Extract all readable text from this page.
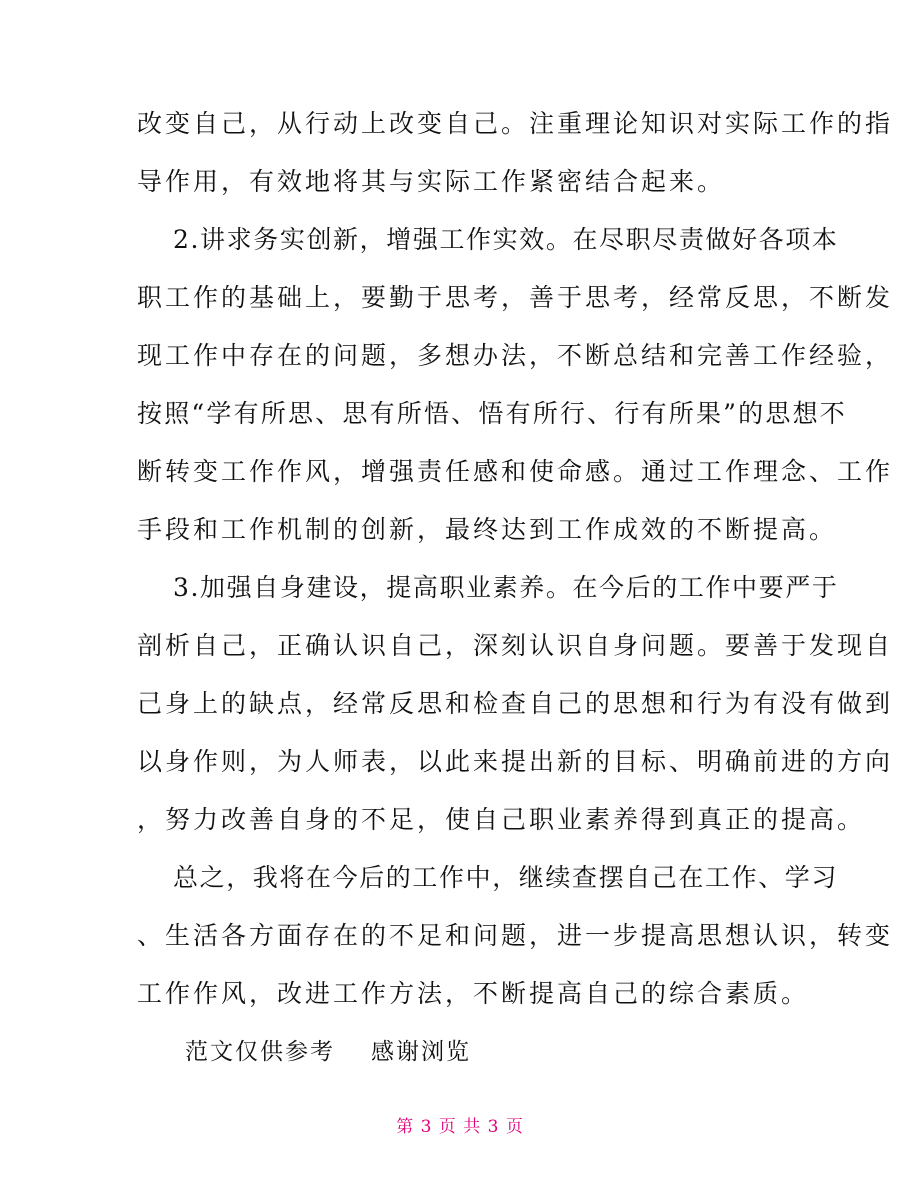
改变自己，从行动上改变自己。注重理论知识对实际工作的指
导作用，有效地将其与实际工作紧密结合起来。
2.讲求务实创新，增强工作实效。在尽职尽责做好各项本
职工作的基础上，要勤于思考，善于思考，经常反思，不断发
现工作中存在的问题，多想办法，不断总结和完善工作经验，
按照“学有所思、思有所悟、悟有所行、行有所果”的思想不
断转变工作作风，增强责任感和使命感。通过工作理念、工作
手段和工作机制的创新，最终达到工作成效的不断提高。
3.加强自身建设，提高职业素养。在今后的工作中要严于
剖析自己，正确认识自己，深刻认识自身问题。要善于发现自
己身上的缺点，经常反思和检查自己的思想和行为有没有做到
以身作则，为人师表，以此来提出新的目标、明确前进的方向
，努力改善自身的不足，使自己职业素养得到真正的提高。
总之，我将在今后的工作中，继续查摆自己在工作、学习
、生活各方面存在的不足和问题，进一步提高思想认识，转变
工作作风，改进工作方法，不断提高自己的综合素质。
范文仅供参考 感谢浏览
第 3 页 共 3 页
